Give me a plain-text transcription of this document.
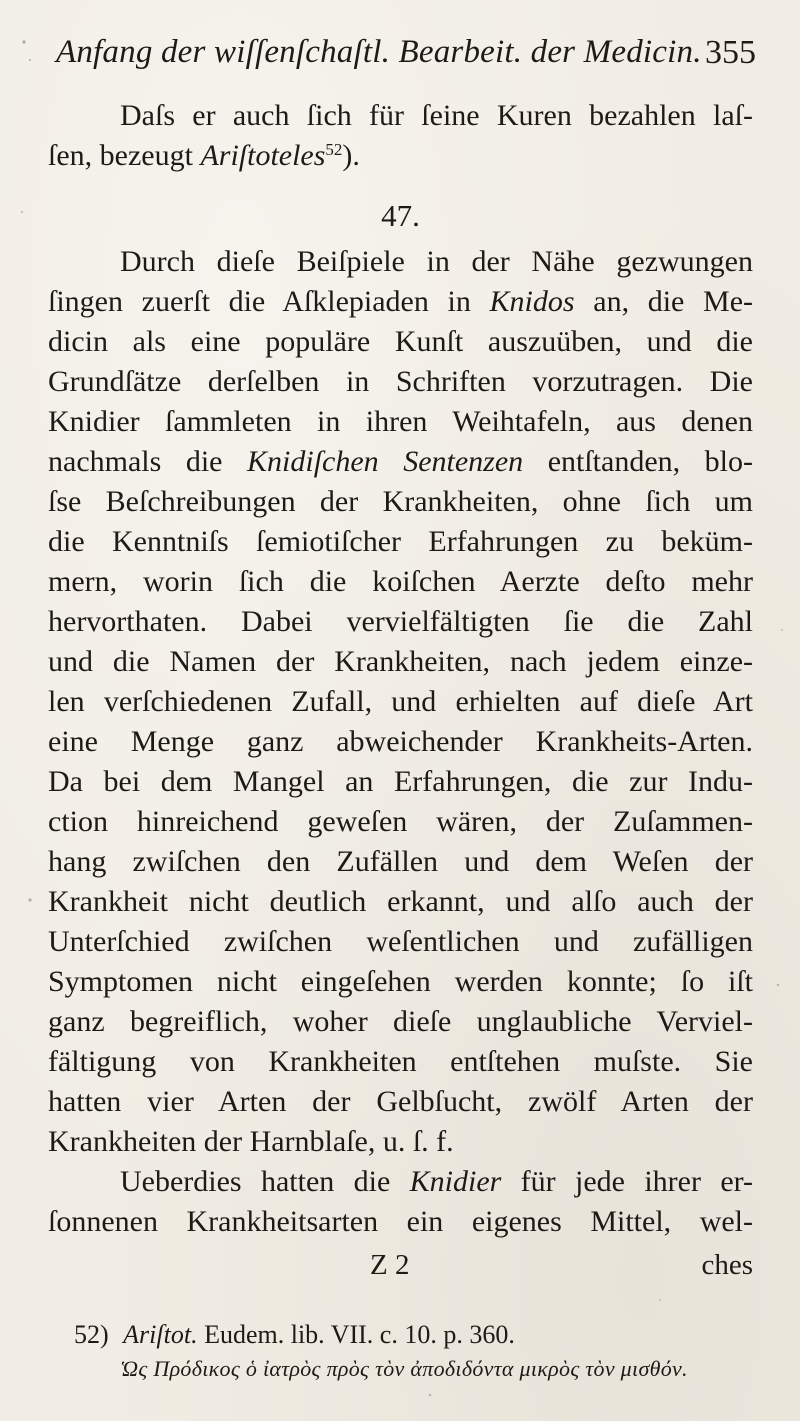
Anfang der wiſſenſchaſtl. Bearbeit. der Medicin. 355
Daſs er auch ſich für ſeine Kuren bezahlen laſ-
ſen, bezeugt Ariſtoteles$^{52}$).
47.
Durch dieſe Beiſpiele in der Nähe gezwungen
ſingen zuerſt die Aſklepiaden in Knidos an, die Me-
dicin als eine populäre Kunſt auszuüben, und die
Grundſätze derſelben in Schriften vorzutragen. Die
Knidier ſammleten in ihren Weihtafeln, aus denen
nachmals die Knidiſchen Sentenzen entſtanden, blo-
ſse Beſchreibungen der Krankheiten, ohne ſich um
die Kenntniſs ſemiotiſcher Erfahrungen zu beküm-
mern, worin ſich die koiſchen Aerzte deſto mehr
hervorthaten. Dabei vervielfältigten ſie die Zahl
und die Namen der Krankheiten, nach jedem einze-
len verſchiedenen Zufall, und erhielten auf dieſe Art
eine Menge ganz abweichender Krankheits-Arten.
Da bei dem Mangel an Erfahrungen, die zur Indu-
ction hinreichend geweſen wären, der Zuſammen-
hang zwiſchen den Zufällen und dem Weſen der
Krankheit nicht deutlich erkannt, und alſo auch der
Unterſchied zwiſchen weſentlichen und zufälligen
Symptomen nicht eingeſehen werden konnte; ſo iſt
ganz begreiflich, woher dieſe unglaubliche Verviel-
fältigung von Krankheiten entſtehen muſste. Sie
hatten vier Arten der Gelbſucht, zwölf Arten der
Krankheiten der Harnblaſe, u. ſ. f.
Ueberdies hatten die Knidier für jede ihrer er-
ſonnenen Krankheitsarten ein eigenes Mittel, wel-
Z 2	ches
52) Ariſtot. Eudem. lib. VII. c. 10. p. 360.
Ὡς Πρόδικος ὁ ἰατρὸς πρὸς τὸν ἀποδιδόντα μικρὸς τὸν μισθόν.
